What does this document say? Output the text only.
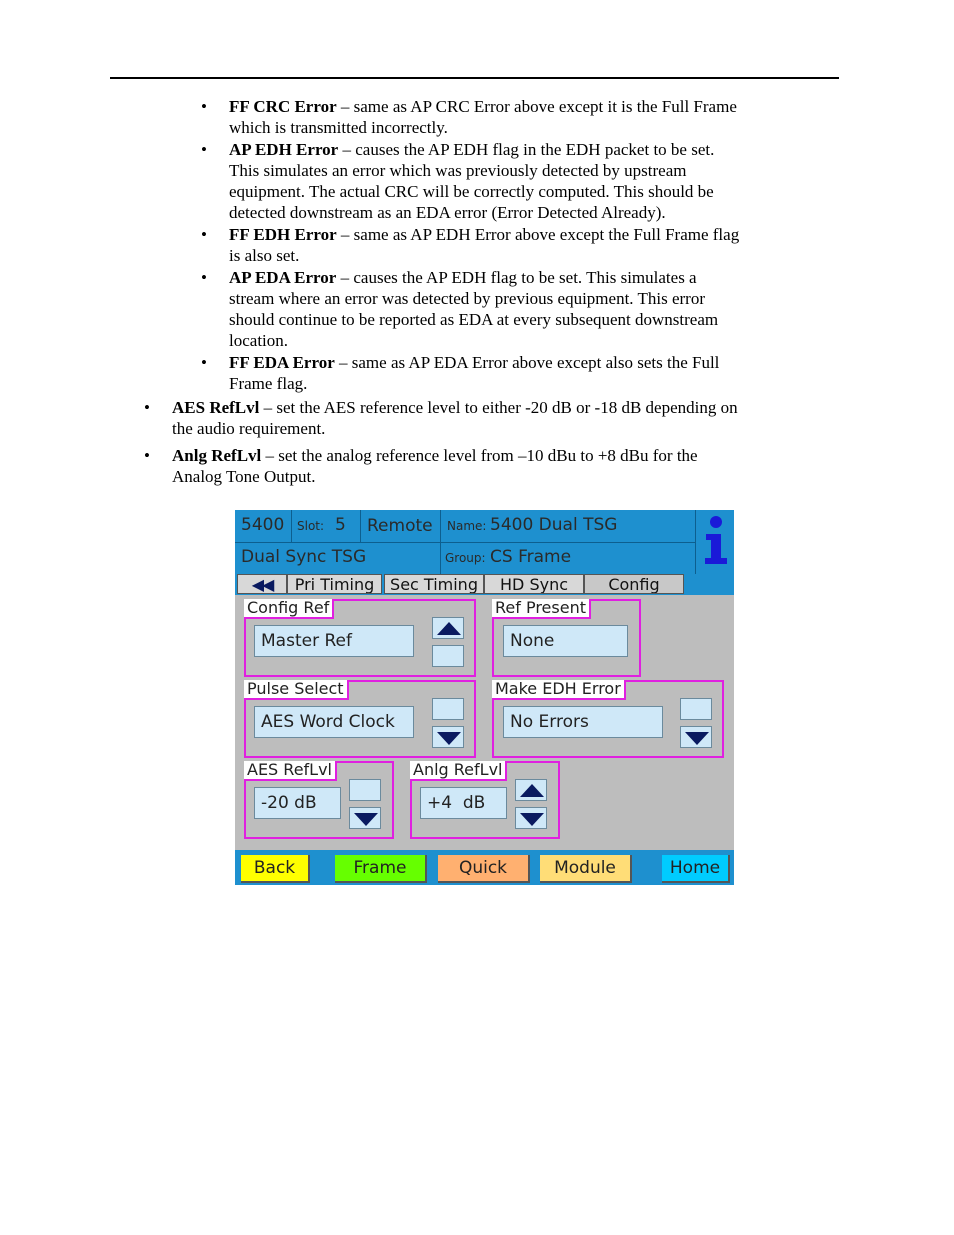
• FF CRC Error – same as AP CRC Error above except it is the Full Frame
which is transmitted incorrectly.
• AP EDH Error – causes the AP EDH flag in the EDH packet to be set.
This simulates an error which was previously detected by upstream
equipment. The actual CRC will be correctly computed. This should be
detected downstream as an EDA error (Error Detected Already).
• FF EDH Error – same as AP EDH Error above except the Full Frame flag
is also set.
• AP EDA Error – causes the AP EDH flag to be set. This simulates a
stream where an error was detected by previous equipment. This error
should continue to be reported as EDA at every subsequent downstream
location.
• FF EDA Error – same as AP EDA Error above except also sets the Full
Frame flag.
• AES RefLvl – set the AES reference level to either -20 dB or -18 dB depending on
the audio requirement.
• Anlg RefLvl – set the analog reference level from –10 dBu to +8 dBu for the
Analog Tone Output.
5400 Slot: 5 Remote Name: 5400 Dual TSG
Dual Sync TSG	Group: CS Frame
◀◀	Pri Timing Sec Timing	HD Sync	Config
Config Ref
Master Ref
Ref Present
None
Pulse Select
AES Word Clock
Make EDH Error
No Errors
AES RefLvl
-20 dB
Anlg RefLvl
+4  dB
Back	Frame	Quick	Module	Home
